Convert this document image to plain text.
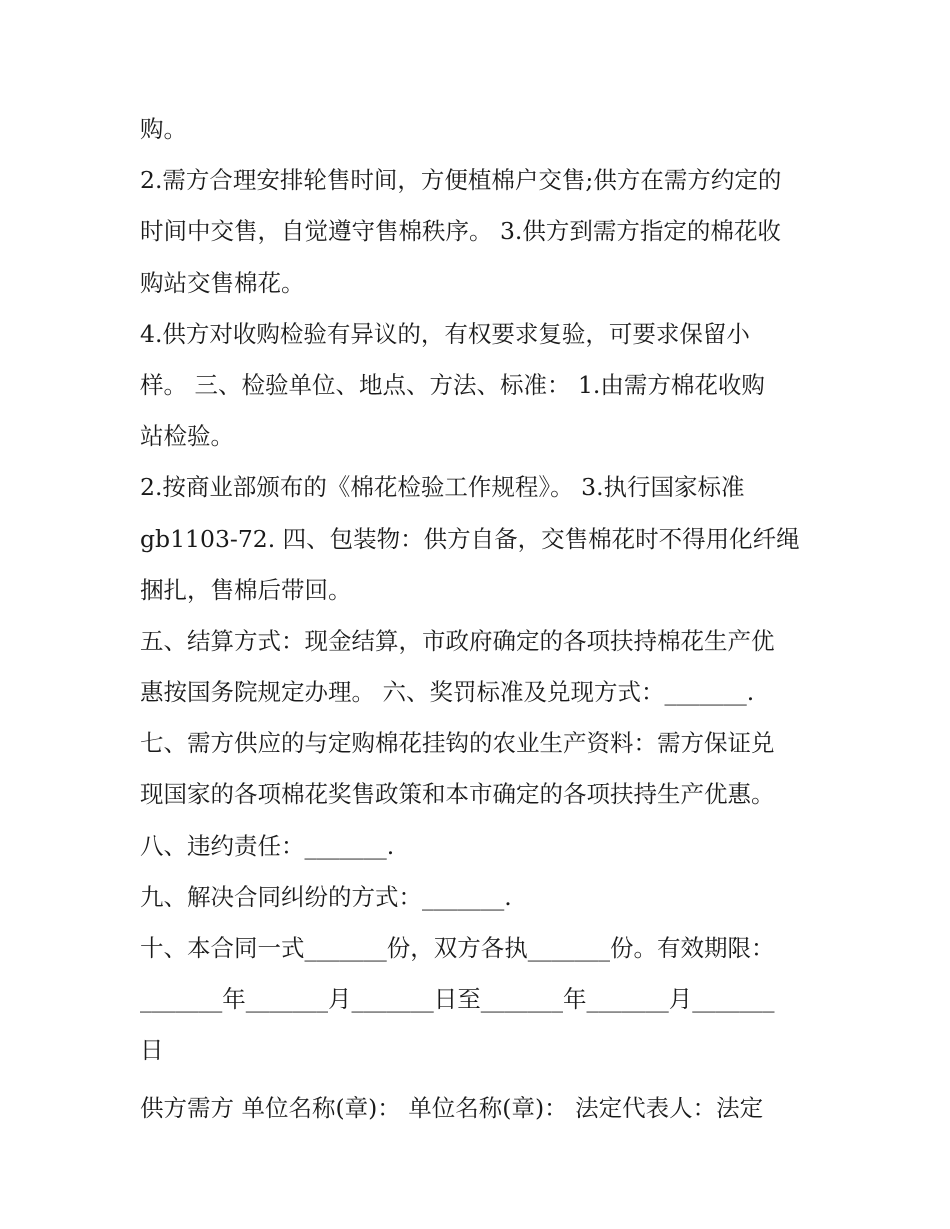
购。
2.需方合理安排轮售时间，方便植棉户交售;供方在需方约定的
时间中交售，自觉遵守售棉秩序。 3.供方到需方指定的棉花收
购站交售棉花。
4.供方对收购检验有异议的，有权要求复验，可要求保留小
样。 三、检验单位、地点、方法、标准： 1.由需方棉花收购
站检验。
2.按商业部颁布的《棉花检验工作规程》。 3.执行国家标准
gb1103-72. 四、包装物：供方自备，交售棉花时不得用化纤绳
捆扎，售棉后带回。
五、结算方式：现金结算，市政府确定的各项扶持棉花生产优
惠按国务院规定办理。 六、奖罚标准及兑现方式：_______.
七、需方供应的与定购棉花挂钩的农业生产资料：需方保证兑
现国家的各项棉花奖售政策和本市确定的各项扶持生产优惠。
八、违约责任：_______.
九、解决合同纠纷的方式：_______.
十、本合同一式_______份，双方各执_______份。有效期限：
_______年_______月_______日至_______年_______月_______
日
供方需方 单位名称(章)： 单位名称(章)： 法定代表人：法定
